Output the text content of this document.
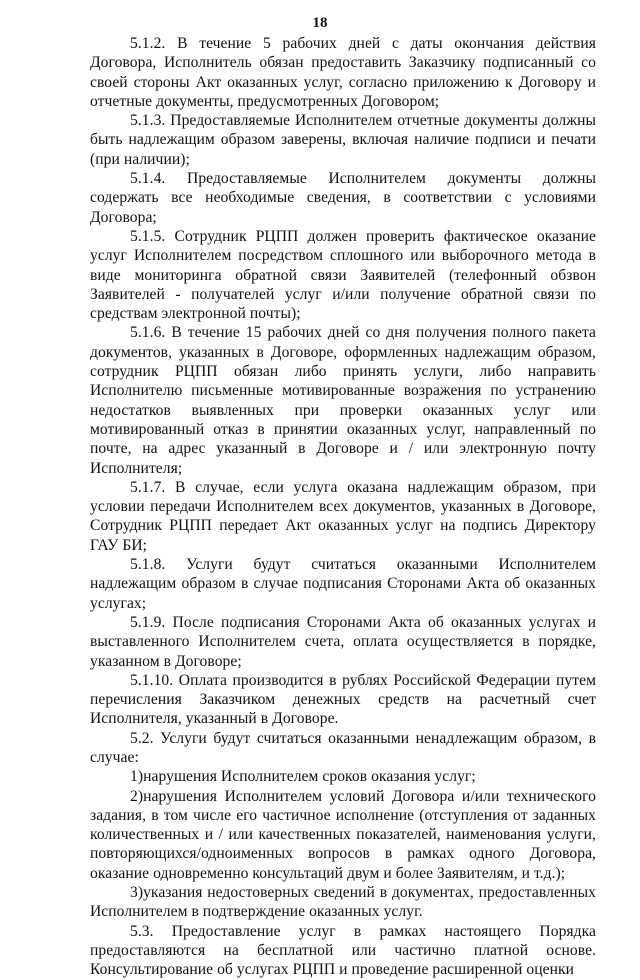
18

5.1.2. В течение 5 рабочих дней с даты окончания действия Договора, Исполнитель обязан предоставить Заказчику подписанный со своей стороны Акт оказанных услуг, согласно приложению к Договору и отчетные документы, предусмотренных Договором;

5.1.3. Предоставляемые Исполнителем отчетные документы должны быть надлежащим образом заверены, включая наличие подписи и печати (при наличии);

5.1.4. Предоставляемые Исполнителем документы должны содержать все необходимые сведения, в соответствии с условиями Договора;

5.1.5. Сотрудник РЦПП должен проверить фактическое оказание услуг Исполнителем посредством сплошного или выборочного метода в виде мониторинга обратной связи Заявителей (телефонный обзвон Заявителей - получателей услуг и/или получение обратной связи по средствам электронной почты);

5.1.6. В течение 15 рабочих дней со дня получения полного пакета документов, указанных в Договоре, оформленных надлежащим образом, сотрудник РЦПП обязан либо принять услуги, либо направить Исполнителю письменные мотивированные возражения по устранению недостатков выявленных при проверки оказанных услуг или мотивированный отказ в принятии оказанных услуг, направленный по почте, на адрес указанный в Договоре и / или электронную почту Исполнителя;

5.1.7. В случае, если услуга оказана надлежащим образом, при условии передачи Исполнителем всех документов, указанных в Договоре, Сотрудник РЦПП передает Акт оказанных услуг на подпись Директору ГАУ БИ;

5.1.8. Услуги будут считаться оказанными Исполнителем надлежащим образом в случае подписания Сторонами Акта об оказанных услугах;

5.1.9. После подписания Сторонами Акта об оказанных услугах и выставленного Исполнителем счета, оплата осуществляется в порядке, указанном в Договоре;

5.1.10. Оплата производится в рублях Российской Федерации путем перечисления Заказчиком денежных средств на расчетный счет Исполнителя, указанный в Договоре.

5.2. Услуги будут считаться оказанными ненадлежащим образом, в случае:

1)нарушения Исполнителем сроков оказания услуг;

2)нарушения Исполнителем условий Договора и/или технического задания, в том числе его частичное исполнение (отступления от заданных количественных и / или качественных показателей, наименования услуги, повторяющихся/одноименных вопросов в рамках одного Договора, оказание одновременно консультаций двум и более Заявителям, и т.д.);

3)указания недостоверных сведений в документах, предоставленных Исполнителем в подтверждение оказанных услуг.

5.3. Предоставление услуг в рамках настоящего Порядка предоставляются на бесплатной или частично платной основе. Консультирование об услугах РЦПП и проведение расширенной оценки
